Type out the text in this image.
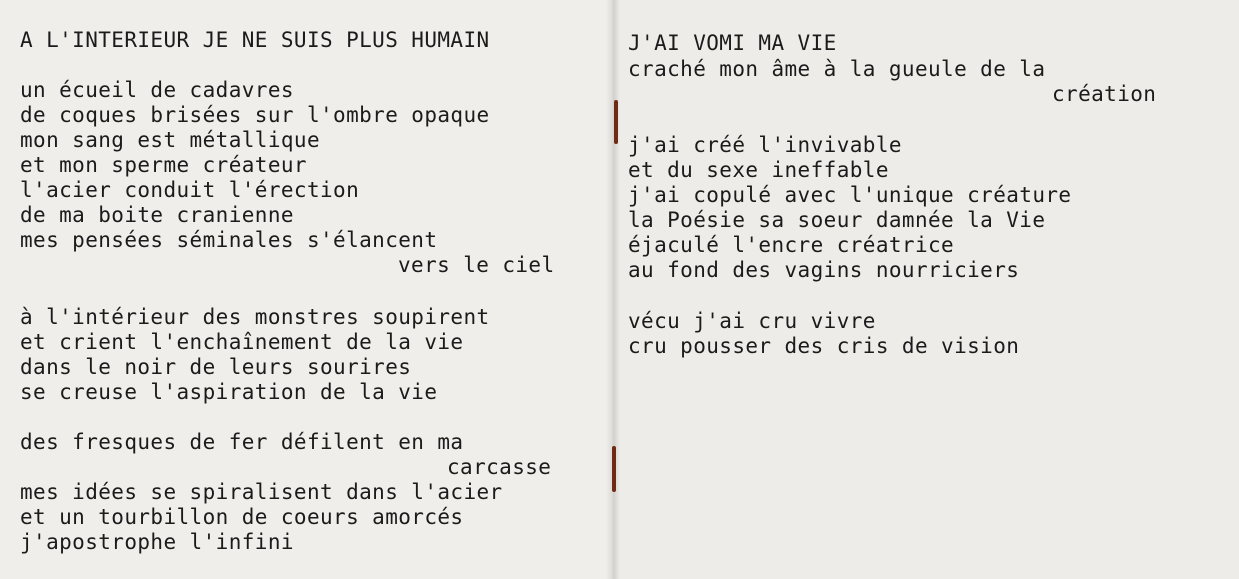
A L'INTERIEUR JE NE SUIS PLUS HUMAIN
un écueil de cadavres
de coques brisées sur l'ombre opaque
mon sang est métallique
et mon sperme créateur
l'acier conduit l'érection
de ma boite cranienne
mes pensées séminales s'élancent
vers le ciel
à l'intérieur des monstres soupirent
et crient l'enchaînement de la vie
dans le noir de leurs sourires
se creuse l'aspiration de la vie
des fresques de fer défilent en ma
carcasse
mes idées se spiralisent dans l'acier
et un tourbillon de coeurs amorcés
j'apostrophe l'infini
J'AI VOMI MA VIE
craché mon âme à la gueule de la
création
j'ai créé l'invivable
et du sexe ineffable
j'ai copulé avec l'unique créature
la Poésie sa soeur damnée la Vie
éjaculé l'encre créatrice
au fond des vagins nourriciers
vécu j'ai cru vivre
cru pousser des cris de vision
